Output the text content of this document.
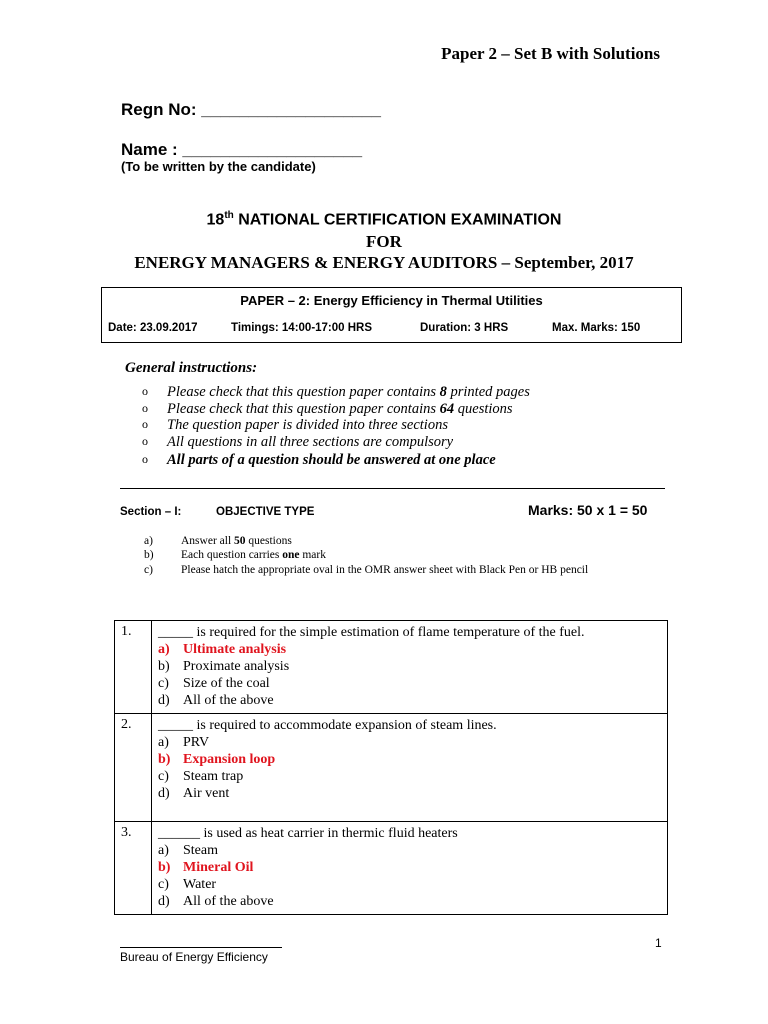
Paper 2 – Set B with Solutions
Regn No: ___________________
Name : ___________________
(To be written by the candidate)
18th NATIONAL CERTIFICATION EXAMINATION
FOR
ENERGY MANAGERS & ENERGY AUDITORS – September, 2017
PAPER – 2: Energy Efficiency in Thermal Utilities
Date: 23.09.2017	Timings: 14:00-17:00 HRS	Duration: 3 HRS	Max. Marks: 150
General instructions:
o Please check that this question paper contains 8 printed pages
o Please check that this question paper contains 64 questions
o The question paper is divided into three sections
o All questions in all three sections are compulsory
o All parts of a question should be answered at one place
Section – I:	OBJECTIVE TYPE	Marks: 50 x 1 = 50
a) Answer all 50 questions
b) Each question carries one mark
c) Please hatch the appropriate oval in the OMR answer sheet with Black Pen or HB pencil
1.	_____ is required for the simple estimation of flame temperature of the fuel.
a) Ultimate analysis
b) Proximate analysis
c) Size of the coal
d) All of the above

2.	_____ is required to accommodate expansion of steam lines.
a) PRV
b) Expansion loop
c) Steam trap
d) Air vent

3.	______ is used as heat carrier in thermic fluid heaters
a) Steam
b) Mineral Oil
c) Water
d) All of the above
1
Bureau of Energy Efficiency
